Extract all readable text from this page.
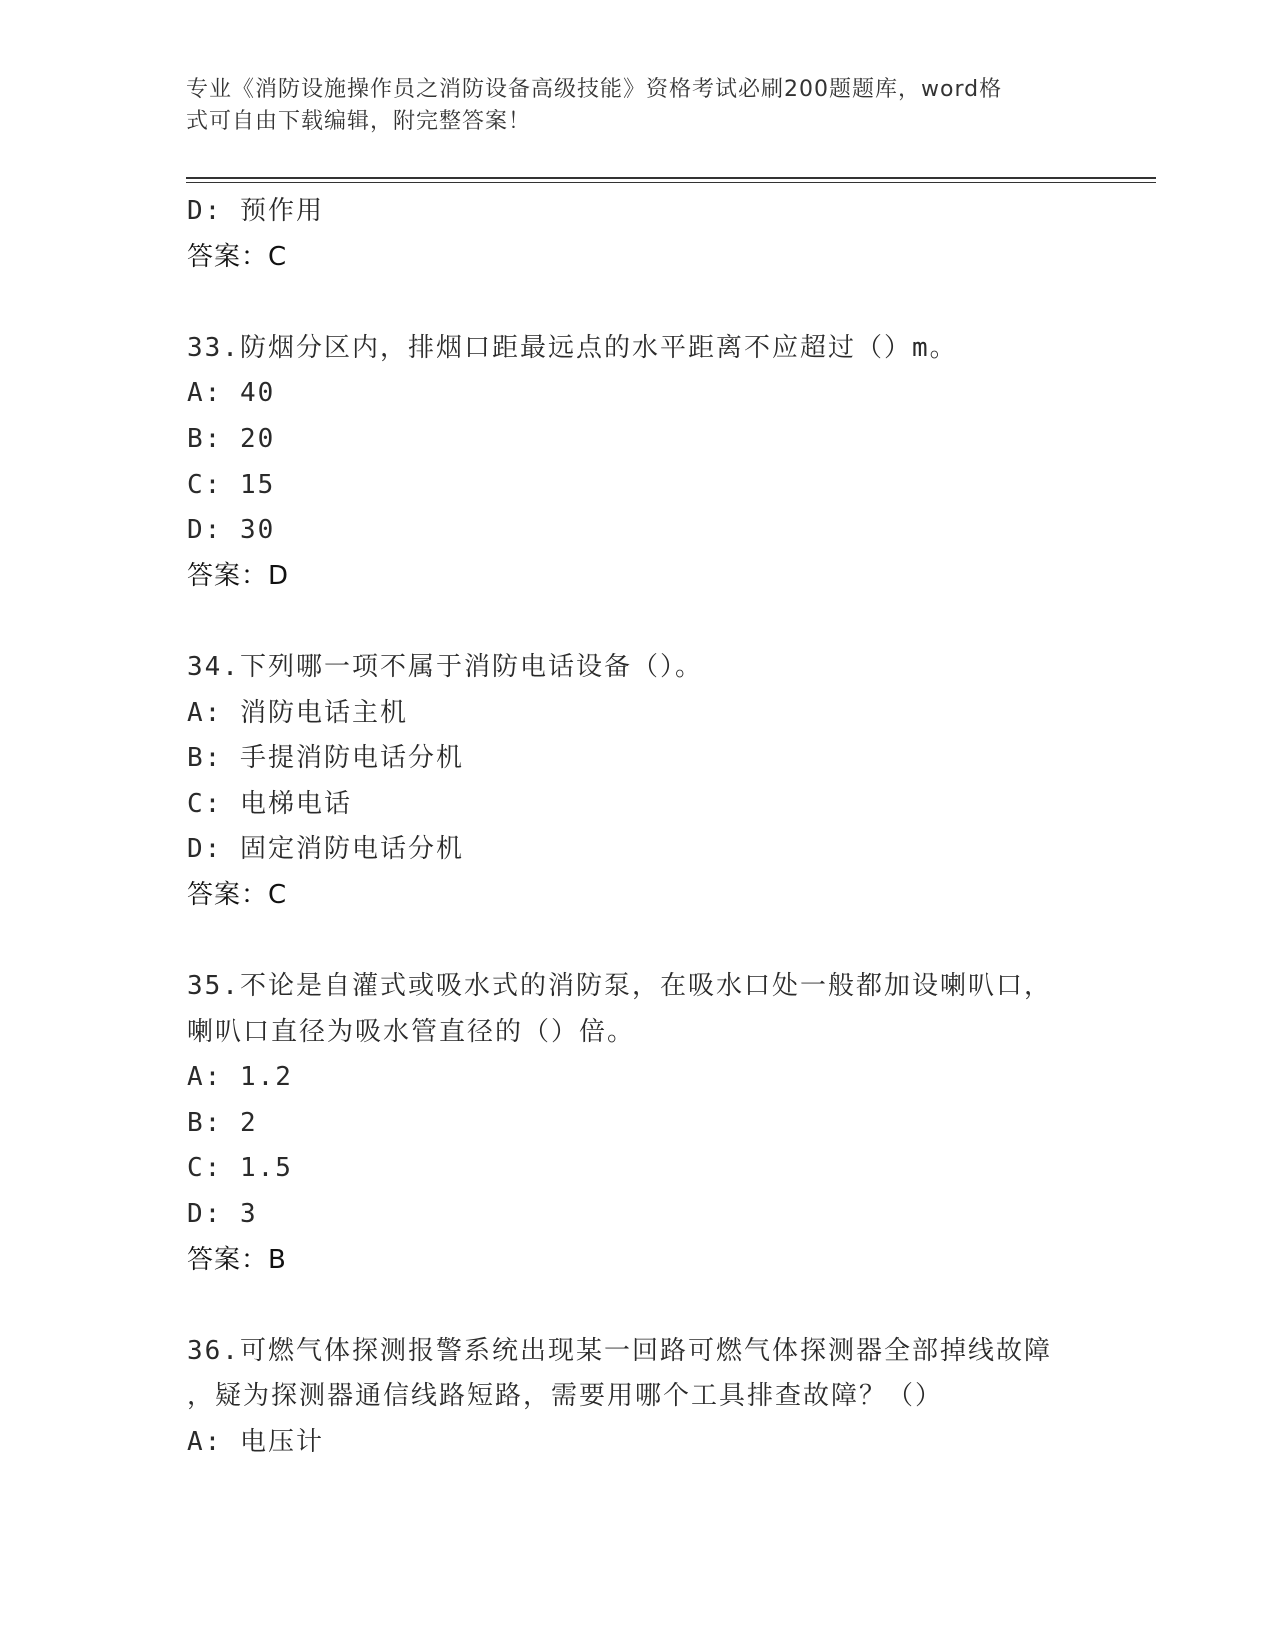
专业《消防设施操作员之消防设备高级技能》资格考试必刷200题题库，word格
式可自由下载编辑，附完整答案！
D: 预作用
答案：C
33.防烟分区内，排烟口距最远点的水平距离不应超过（）m。
A: 40
B: 20
C: 15
D: 30
答案：D
34.下列哪一项不属于消防电话设备（）。
A: 消防电话主机
B: 手提消防电话分机
C: 电梯电话
D: 固定消防电话分机
答案：C
35.不论是自灌式或吸水式的消防泵，在吸水口处一般都加设喇叭口，
喇叭口直径为吸水管直径的（）倍。
A: 1.2
B: 2
C: 1.5
D: 3
答案：B
36.可燃气体探测报警系统出现某一回路可燃气体探测器全部掉线故障
，疑为探测器通信线路短路，需要用哪个工具排查故障？（）
A: 电压计
